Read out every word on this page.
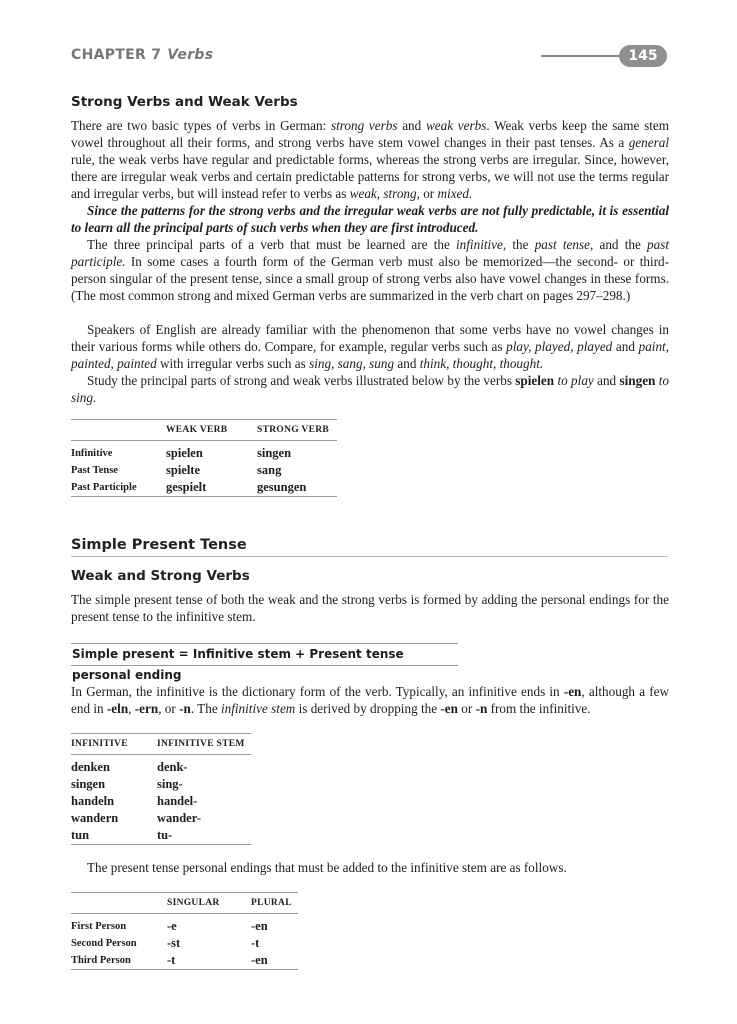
CHAPTER 7 Verbs	145
Strong Verbs and Weak Verbs

There are two basic types of verbs in German: strong verbs and weak verbs. Weak verbs keep the same stem vowel throughout all their forms, and strong verbs have stem vowel changes in their past tenses. As a general rule, the weak verbs have regular and predictable forms, whereas the strong verbs are irregular. Since, however, there are irregular weak verbs and certain predictable patterns for strong verbs, we will not use the terms regular and irregular verbs, but will instead refer to verbs as weak, strong, or mixed.

Since the patterns for the strong verbs and the irregular weak verbs are not fully predictable, it is essential to learn all the principal parts of such verbs when they are first introduced.

The three principal parts of a verb that must be learned are the infinitive, the past tense, and the past participle. In some cases a fourth form of the German verb must also be memorized—the second- or third-person singular of the present tense, since a small group of strong verbs also have vowel changes in these forms. (The most common strong and mixed German verbs are summarized in the verb chart on pages 297–298.)

Speakers of English are already familiar with the phenomenon that some verbs have no vowel changes in their various forms while others do. Compare, for example, regular verbs such as play, played, played and paint, painted, painted with irregular verbs such as sing, sang, sung and think, thought, thought.

Study the principal parts of strong and weak verbs illustrated below by the verbs spielen to play and singen to sing.

	WEAK VERB	STRONG VERB
Infinitive	spielen	singen
Past Tense	spielte	sang
Past Participle	gespielt	gesungen
Simple Present Tense
Weak and Strong Verbs

The simple present tense of both the weak and the strong verbs is formed by adding the personal endings for the present tense to the infinitive stem.

Simple present = Infinitive stem + Present tense personal ending

In German, the infinitive is the dictionary form of the verb. Typically, an infinitive ends in -en, although a few end in -eln, -ern, or -n. The infinitive stem is derived by dropping the -en or -n from the infinitive.

INFINITIVE	INFINITIVE STEM
denken	denk-
singen	sing-
handeln	handel-
wandern	wander-
tun	tu-

The present tense personal endings that must be added to the infinitive stem are as follows.

	SINGULAR	PLURAL
First Person	-e	-en
Second Person	-st	-t
Third Person	-t	-en
